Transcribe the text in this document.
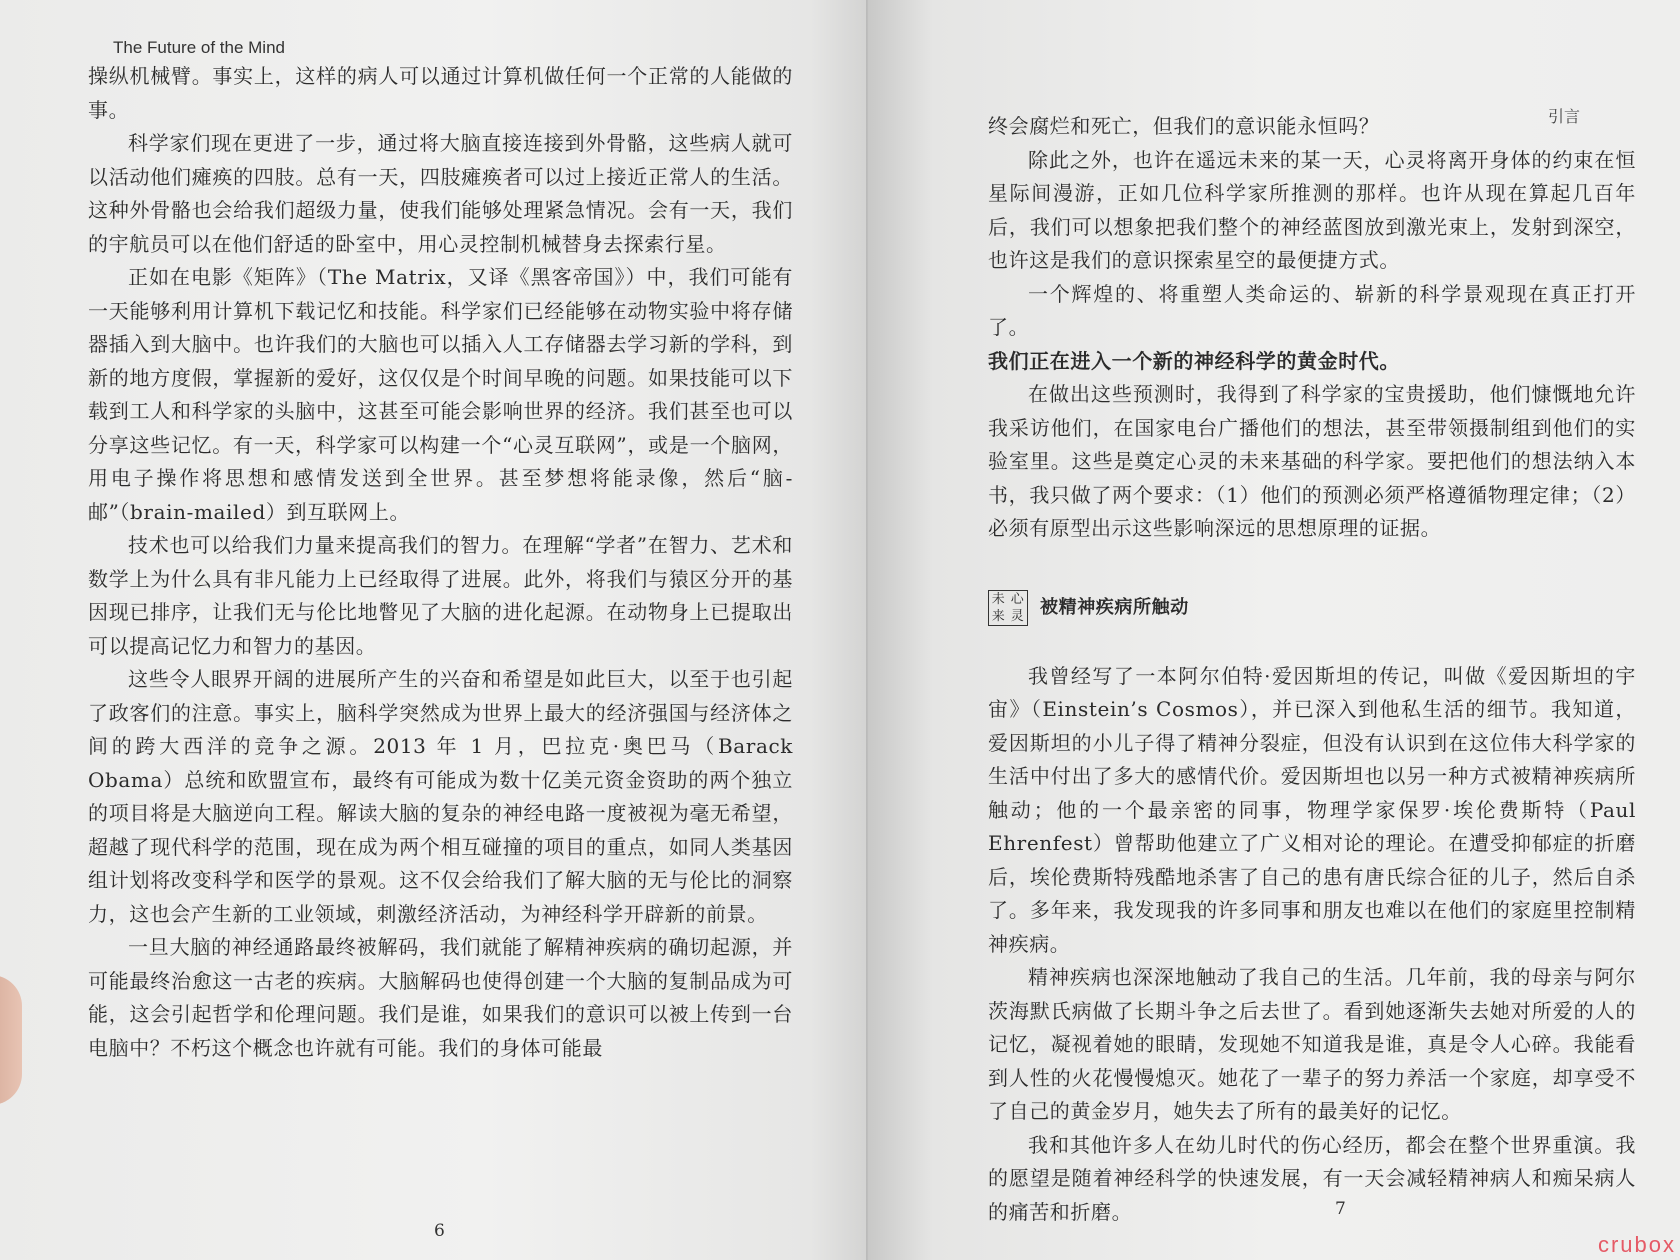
操纵机械臂。事实上，这样的病人可以通过计算机做任何一个正常的人能做的事。

科学家们现在更进了一步，通过将大脑直接连接到外骨骼，这些病人就可以活动他们瘫痪的四肢。总有一天，四肢瘫痪者可以过上接近正常人的生活。这种外骨骼也会给我们超级力量，使我们能够处理紧急情况。会有一天，我们的宇航员可以在他们舒适的卧室中，用心灵控制机械替身去探索行星。

正如在电影《矩阵》（The Matrix，又译《黑客帝国》）中，我们可能有一天能够利用计算机下载记忆和技能。科学家们已经能够在动物实验中将存储器插入到大脑中。也许我们的大脑也可以插入人工存储器去学习新的学科，到新的地方度假，掌握新的爱好，这仅仅是个时间早晚的问题。如果技能可以下载到工人和科学家的头脑中，这甚至可能会影响世界的经济。我们甚至也可以分享这些记忆。有一天，科学家可以构建一个“心灵互联网”，或是一个脑网，用电子操作将思想和感情发送到全世界。甚至梦想将能录像，然后“脑-邮”（brain-mailed）到互联网上。

技术也可以给我们力量来提高我们的智力。在理解“学者”在智力、艺术和数学上为什么具有非凡能力上已经取得了进展。此外，将我们与猿区分开的基因现已排序，让我们无与伦比地瞥见了大脑的进化起源。在动物身上已提取出可以提高记忆力和智力的基因。

这些令人眼界开阔的进展所产生的兴奋和希望是如此巨大，以至于也引起了政客们的注意。事实上，脑科学突然成为世界上最大的经济强国与经济体之间的跨大西洋的竞争之源。2013 年 1 月，巴拉克·奥巴马（Barack Obama）总统和欧盟宣布，最终有可能成为数十亿美元资金资助的两个独立的项目将是大脑逆向工程。解读大脑的复杂的神经电路一度被视为毫无希望，超越了现代科学的范围，现在成为两个相互碰撞的项目的重点，如同人类基因组计划将改变科学和医学的景观。这不仅会给我们了解大脑的无与伦比的洞察力，这也会产生新的工业领域，刺激经济活动，为神经科学开辟新的前景。

一旦大脑的神经通路最终被解码，我们就能了解精神疾病的确切起源，并可能最终治愈这一古老的疾病。大脑解码也使得创建一个大脑的复制品成为可能，这会引起哲学和伦理问题。我们是谁，如果我们的意识可以被上传到一台电脑中？不朽这个概念也许就有可能。我们的身体可能最

The Future of the Mind
6

终会腐烂和死亡，但我们的意识能永恒吗？

除此之外，也许在遥远未来的某一天，心灵将离开身体的约束在恒星际间漫游，正如几位科学家所推测的那样。也许从现在算起几百年后，我们可以想象把我们整个的神经蓝图放到激光束上，发射到深空，也许这是我们的意识探索星空的最便捷方式。

一个辉煌的、将重塑人类命运的、崭新的科学景观现在真正打开了。

我们正在进入一个新的神经科学的黄金时代。

在做出这些预测时，我得到了科学家的宝贵援助，他们慷慨地允许我采访他们，在国家电台广播他们的想法，甚至带领摄制组到他们的实验室里。这些是奠定心灵的未来基础的科学家。要把他们的想法纳入本书，我只做了两个要求：（1）他们的预测必须严格遵循物理定律；（2）必须有原型出示这些影响深远的思想原理的证据。

未 心
来 灵 被精神疾病所触动

我曾经写了一本阿尔伯特·爱因斯坦的传记，叫做《爱因斯坦的宇宙》（Einstein’s Cosmos），并已深入到他私生活的细节。我知道，爱因斯坦的小儿子得了精神分裂症，但没有认识到在这位伟大科学家的生活中付出了多大的感情代价。爱因斯坦也以另一种方式被精神疾病所触动；他的一个最亲密的同事，物理学家保罗·埃伦费斯特（Paul Ehrenfest）曾帮助他建立了广义相对论的理论。在遭受抑郁症的折磨后，埃伦费斯特残酷地杀害了自己的患有唐氏综合征的儿子，然后自杀了。多年来，我发现我的许多同事和朋友也难以在他们的家庭里控制精神疾病。

精神疾病也深深地触动了我自己的生活。几年前，我的母亲与阿尔茨海默氏病做了长期斗争之后去世了。看到她逐渐失去她对所爱的人的记忆，凝视着她的眼睛，发现她不知道我是谁，真是令人心碎。我能看到人性的火花慢慢熄灭。她花了一辈子的努力养活一个家庭，却享受不了自己的黄金岁月，她失去了所有的最美好的记忆。

我和其他许多人在幼儿时代的伤心经历，都会在整个世界重演。我的愿望是随着神经科学的快速发展，有一天会减轻精神病人和痴呆病人的痛苦和折磨。

引言
7
crubox
